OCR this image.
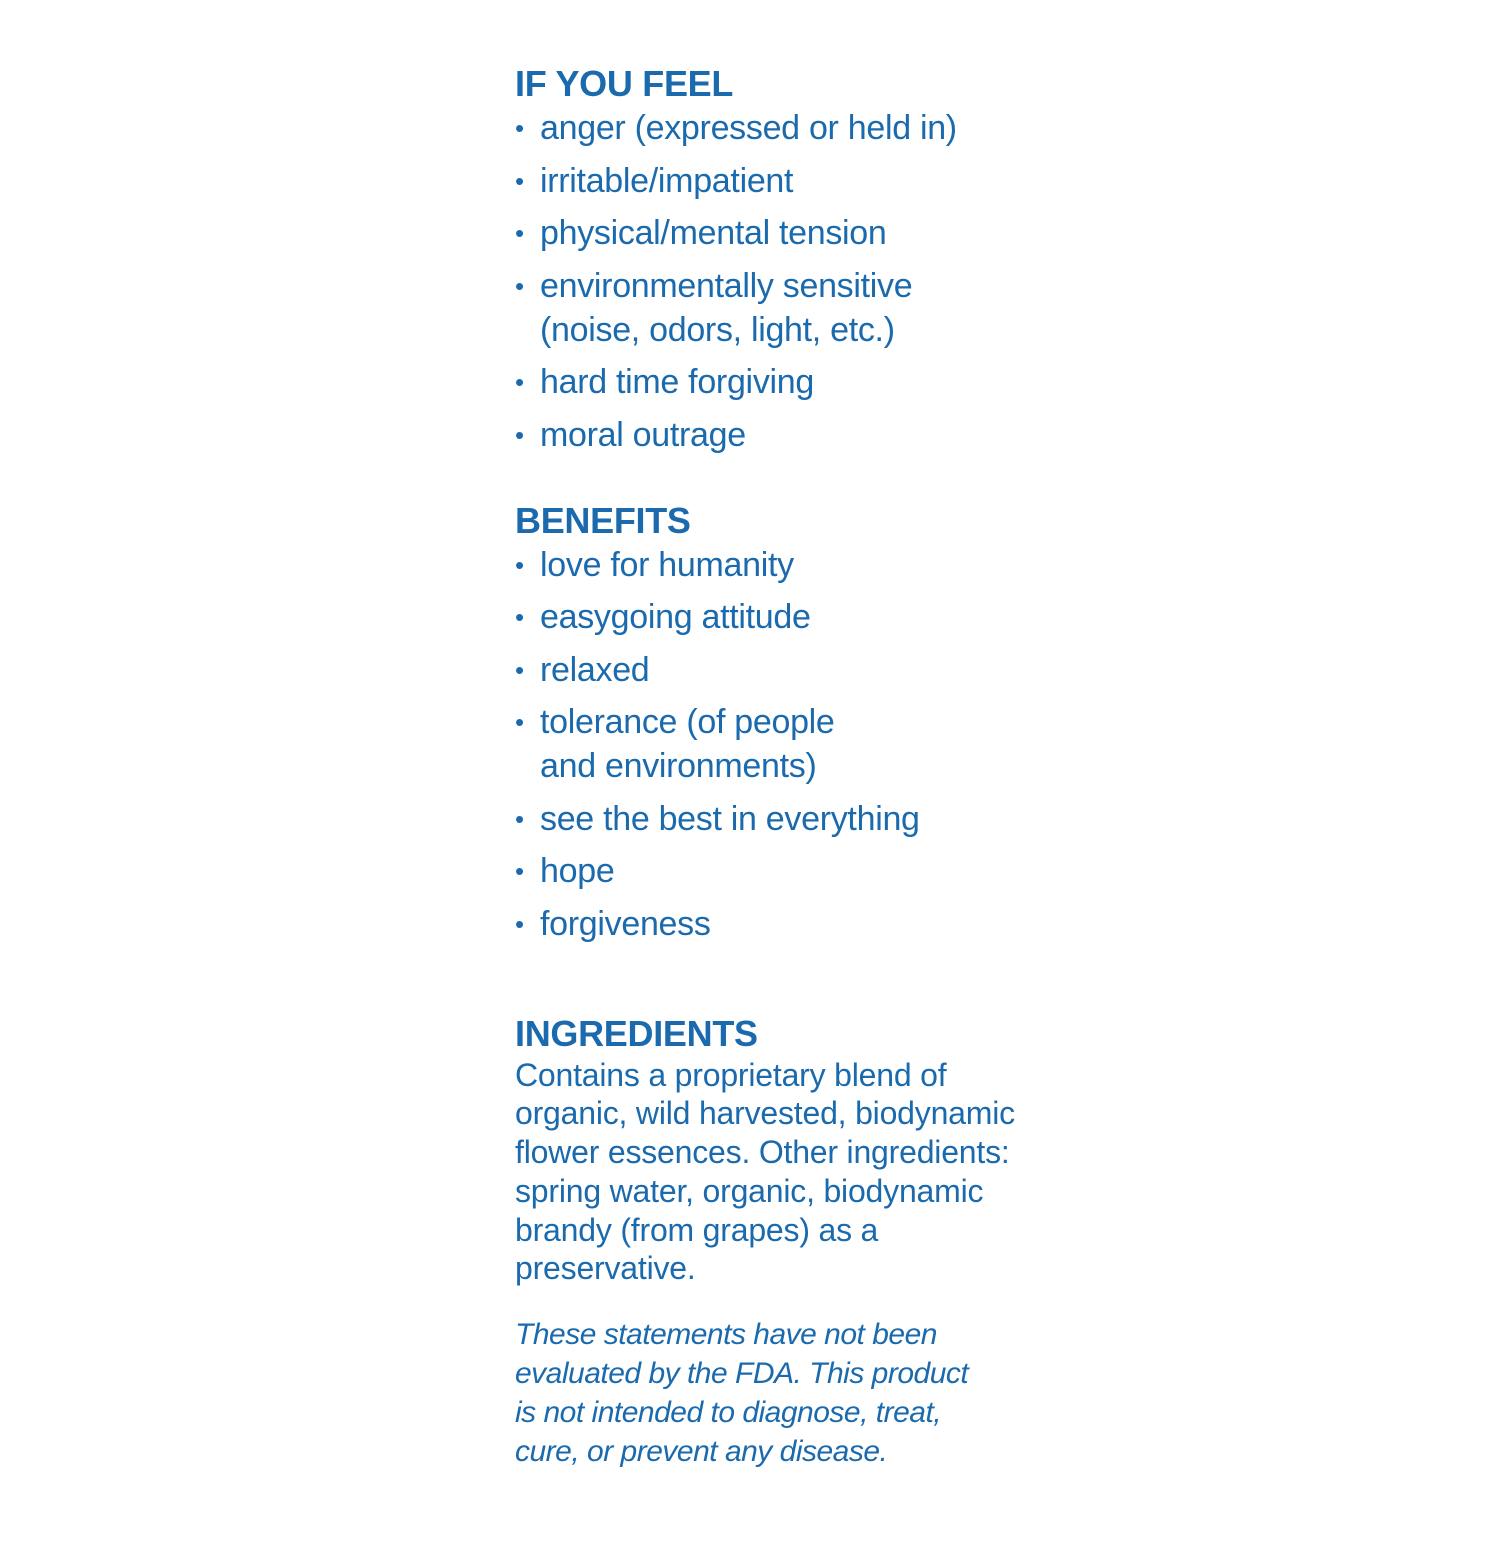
IF YOU FEEL
• anger (expressed or held in)
• irritable/impatient
• physical/mental tension
• environmentally sensitive (noise, odors, light, etc.)
• hard time forgiving
• moral outrage
BENEFITS
• love for humanity
• easygoing attitude
• relaxed
• tolerance (of people and environments)
• see the best in everything
• hope
• forgiveness
INGREDIENTS

Contains a proprietary blend of organic, wild harvested, biodynamic flower essences. Other ingredients: spring water, organic, biodynamic brandy (from grapes) as a preservative.

These statements have not been evaluated by the FDA. This product is not intended to diagnose, treat, cure, or prevent any disease.
